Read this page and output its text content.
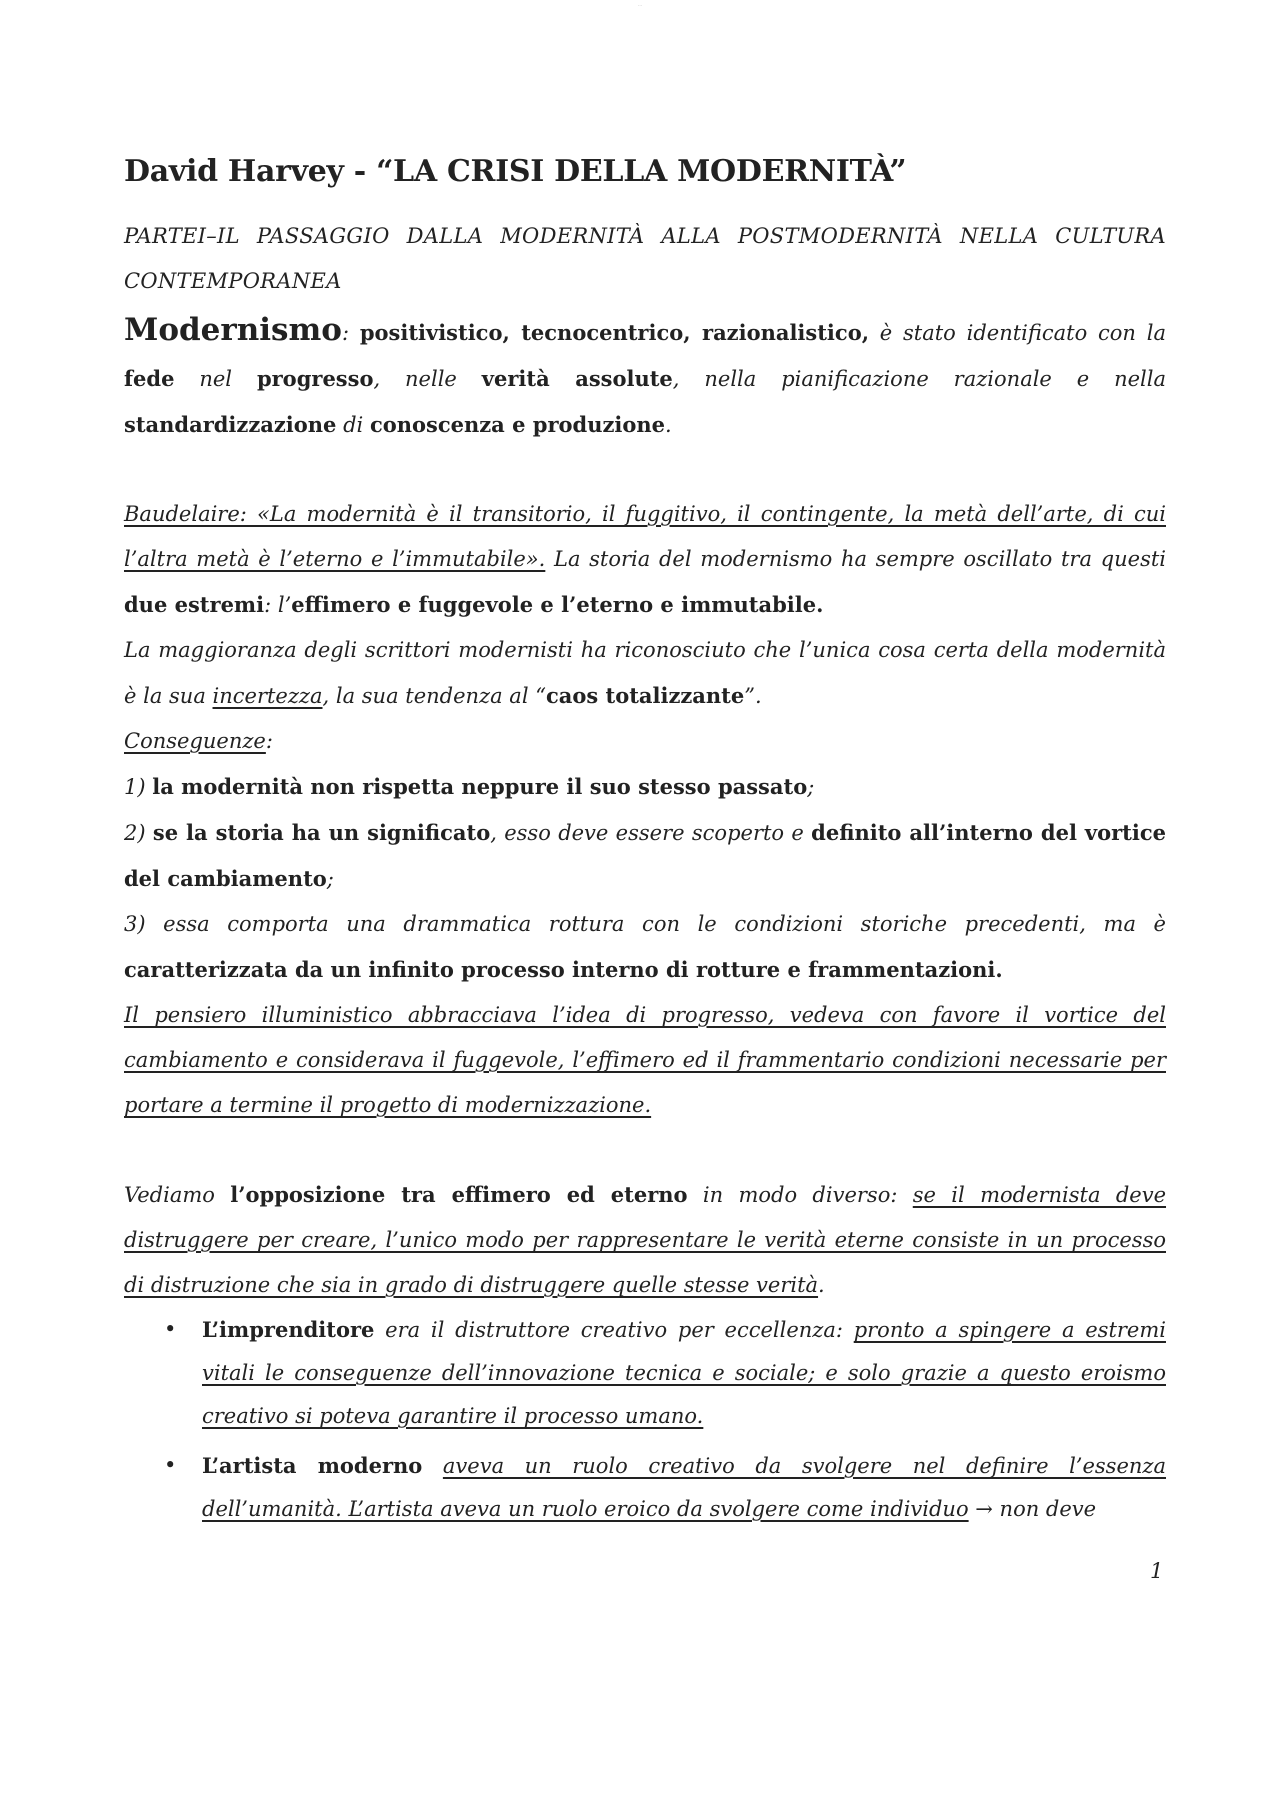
...
David Harvey - “LA CRISI DELLA MODERNITÀ”

PARTEI–IL PASSAGGIO DALLA MODERNITÀ ALLA POSTMODERNITÀ NELLA CULTURA CONTEMPORANEA

Modernismo: positivistico, tecnocentrico, razionalistico, è stato identificato con la fede nel progresso, nelle verità assolute, nella pianificazione razionale e nella standardizzazione di conoscenza e produzione.

Baudelaire: «La modernità è il transitorio, il fuggitivo, il contingente, la metà dell’arte, di cui l’altra metà è l’eterno e l’immutabile». La storia del modernismo ha sempre oscillato tra questi due estremi: l’effimero e fuggevole e l’eterno e immutabile.

La maggioranza degli scrittori modernisti ha riconosciuto che l’unica cosa certa della modernità è la sua incertezza, la sua tendenza al “caos totalizzante”.

Conseguenze:

1) la modernità non rispetta neppure il suo stesso passato;

2) se la storia ha un significato, esso deve essere scoperto e definito all’interno del vortice del cambiamento;

3) essa comporta una drammatica rottura con le condizioni storiche precedenti, ma è caratterizzata da un infinito processo interno di rotture e frammentazioni.

Il pensiero illuministico abbracciava l’idea di progresso, vedeva con favore il vortice del cambiamento e considerava il fuggevole, l’effimero ed il frammentario condizioni necessarie per portare a termine il progetto di modernizzazione.

Vediamo l’opposizione tra effimero ed eterno in modo diverso: se il modernista deve distruggere per creare, l’unico modo per rappresentare le verità eterne consiste in un processo di distruzione che sia in grado di distruggere quelle stesse verità.

• L’imprenditore era il distruttore creativo per eccellenza: pronto a spingere a estremi vitali le conseguenze dell’innovazione tecnica e sociale; e solo grazie a questo eroismo creativo si poteva garantire il processo umano.
• L’artista moderno aveva un ruolo creativo da svolgere nel definire l’essenza dell’umanità. L’artista aveva un ruolo eroico da svolgere come individuo → non deve
1
